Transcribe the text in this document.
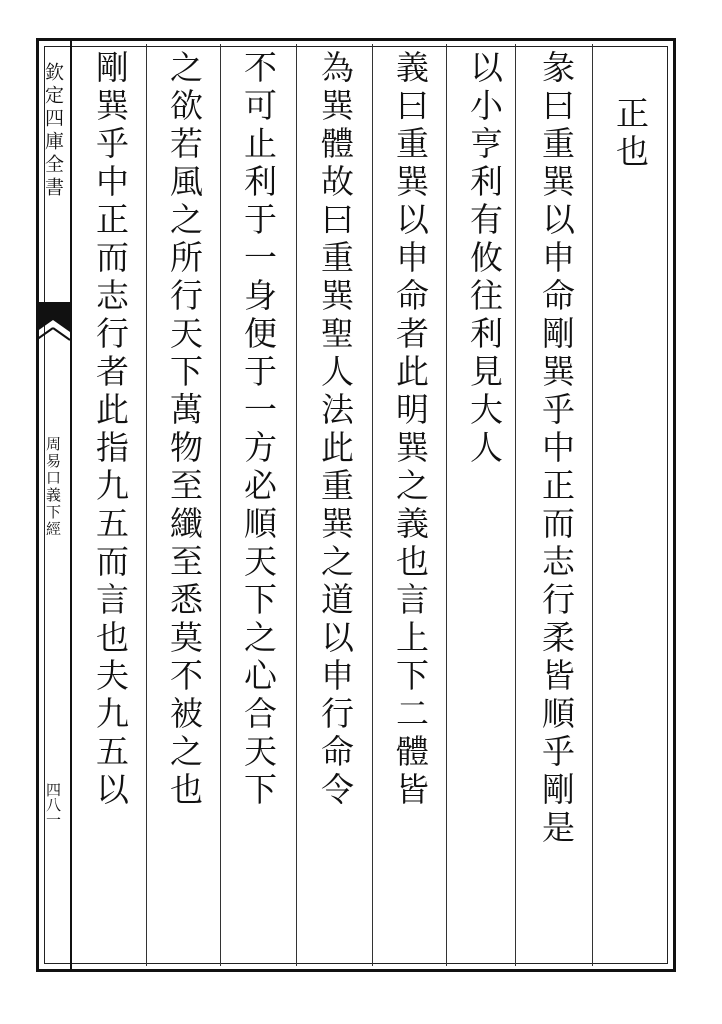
欽定四庫全書
周易口義下經
四八一
正也
彖曰重巽以申命剛巽乎中正而志行柔皆順乎剛是
以小亨利有攸往利見大人
義曰重巽以申命者此明巽之義也言上下二體皆
為巽體故曰重巽聖人法此重巽之道以申行命令
不可止利于一身便于一方必順天下之心合天下
之欲若風之所行天下萬物至纖至悉莫不被之也
剛巽乎中正而志行者此指九五而言也夫九五以
